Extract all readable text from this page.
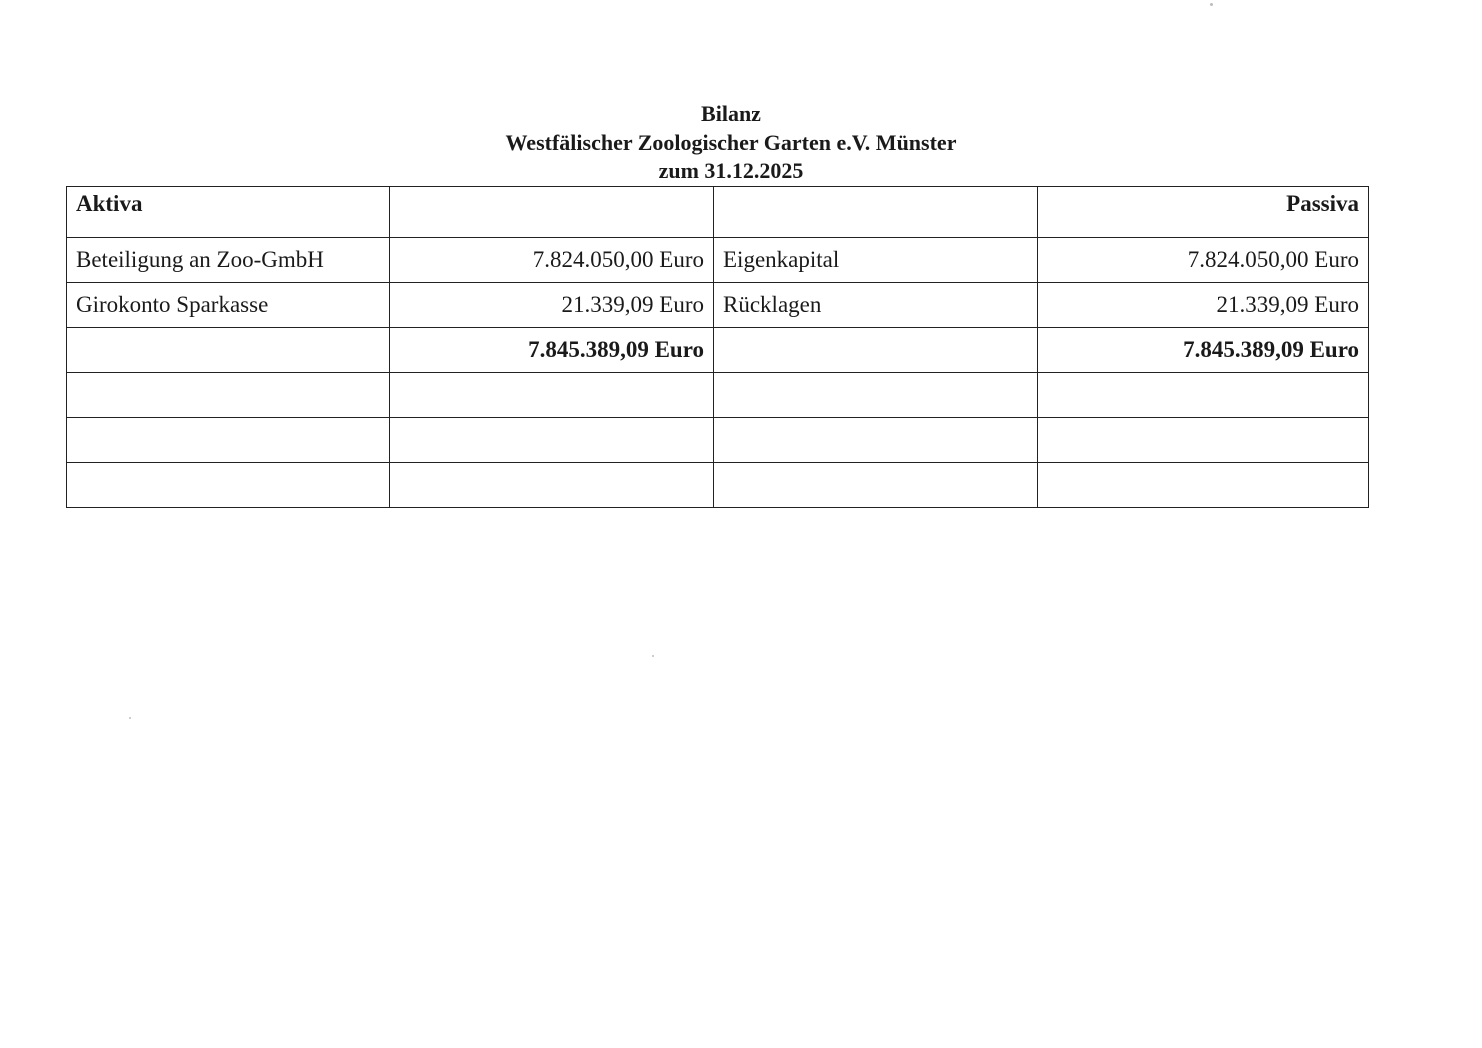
Bilanz
Westfälischer Zoologischer Garten e.V. Münster
zum 31.12.2025
Aktiva			Passiva
Beteiligung an Zoo-GmbH	7.824.050,00 Euro	Eigenkapital	7.824.050,00 Euro
Girokonto Sparkasse	21.339,09 Euro	Rücklagen	21.339,09 Euro
	7.845.389,09 Euro		7.845.389,09 Euro
